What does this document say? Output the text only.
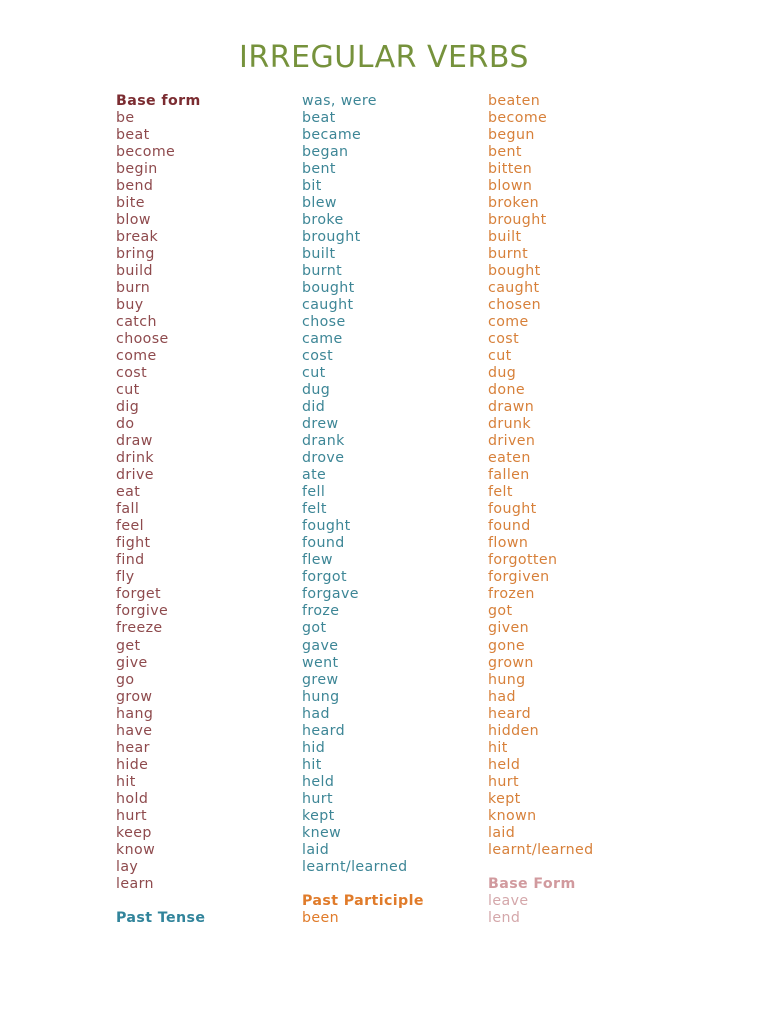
IRREGULAR VERBS
Base form
be
beat
become
begin
bend
bite
blow
break
bring
build
burn
buy
catch
choose
come
cost
cut
dig
do
draw
drink
drive
eat
fall
feel
fight
find
fly
forget
forgive
freeze
get
give
go
grow
hang
have
hear
hide
hit
hold
hurt
keep
know
lay
learn
Past Tense
was, were
beat
became
began
bent
bit
blew
broke
brought
built
burnt
bought
caught
chose
came
cost
cut
dug
did
drew
drank
drove
ate
fell
felt
fought
found
flew
forgot
forgave
froze
got
gave
went
grew
hung
had
heard
hid
hit
held
hurt
kept
knew
laid
learnt/learned
Past Participle
been
beaten
become
begun
bent
bitten
blown
broken
brought
built
burnt
bought
caught
chosen
come
cost
cut
dug
done
drawn
drunk
driven
eaten
fallen
felt
fought
found
flown
forgotten
forgiven
frozen
got
given
gone
grown
hung
had
heard
hidden
hit
held
hurt
kept
known
laid
learnt/learned
Base Form
leave
lend
